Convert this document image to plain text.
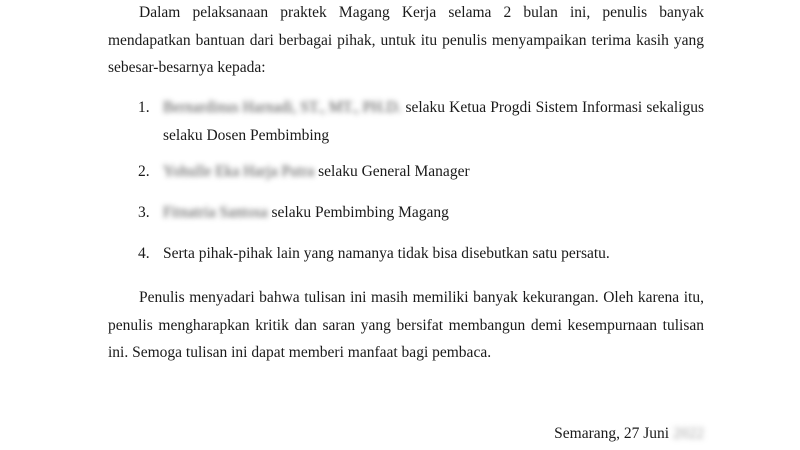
Dalam pelaksanaan praktek Magang Kerja selama 2 bulan ini, penulis banyak mendapatkan bantuan dari berbagai pihak, untuk itu penulis menyampaikan terima kasih yang sebesar-besarnya kepada:

1. Bernardinus Harnadi, ST., MT., PH.D. selaku Ketua Progdi Sistem Informasi sekaligus selaku Dosen Pembimbing
2. Yohulle Eka Harja Putra selaku General Manager
3. Fitnatria Santosa selaku Pembimbing Magang
4. Serta pihak-pihak lain yang namanya tidak bisa disebutkan satu persatu.

Penulis menyadari bahwa tulisan ini masih memiliki banyak kekurangan. Oleh karena itu, penulis mengharapkan kritik dan saran yang bersifat membangun demi kesempurnaan tulisan ini. Semoga tulisan ini dapat memberi manfaat bagi pembaca.

Semarang, 27 Juni 2022
